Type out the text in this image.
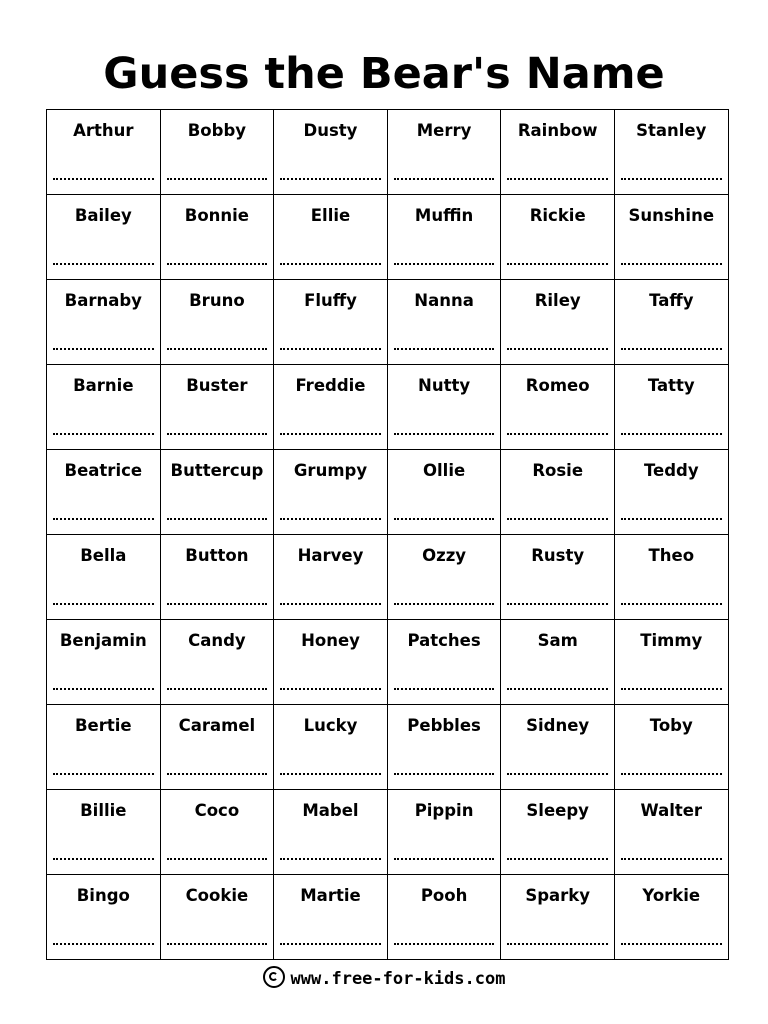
Guess the Bear's Name
Arthur	Bobby	Dusty	Merry	Rainbow	Stanley

Bailey	Bonnie	Ellie	Muffin	Rickie	Sunshine

Barnaby	Bruno	Fluffy	Nanna	Riley	Taffy

Barnie	Buster	Freddie	Nutty	Romeo	Tatty

Beatrice	Buttercup	Grumpy	Ollie	Rosie	Teddy

Bella	Button	Harvey	Ozzy	Rusty	Theo

Benjamin	Candy	Honey	Patches	Sam	Timmy

Bertie	Caramel	Lucky	Pebbles	Sidney	Toby

Billie	Coco	Mabel	Pippin	Sleepy	Walter

Bingo	Cookie	Martie	Pooh	Sparky	Yorkie
www.free-for-kids.com
